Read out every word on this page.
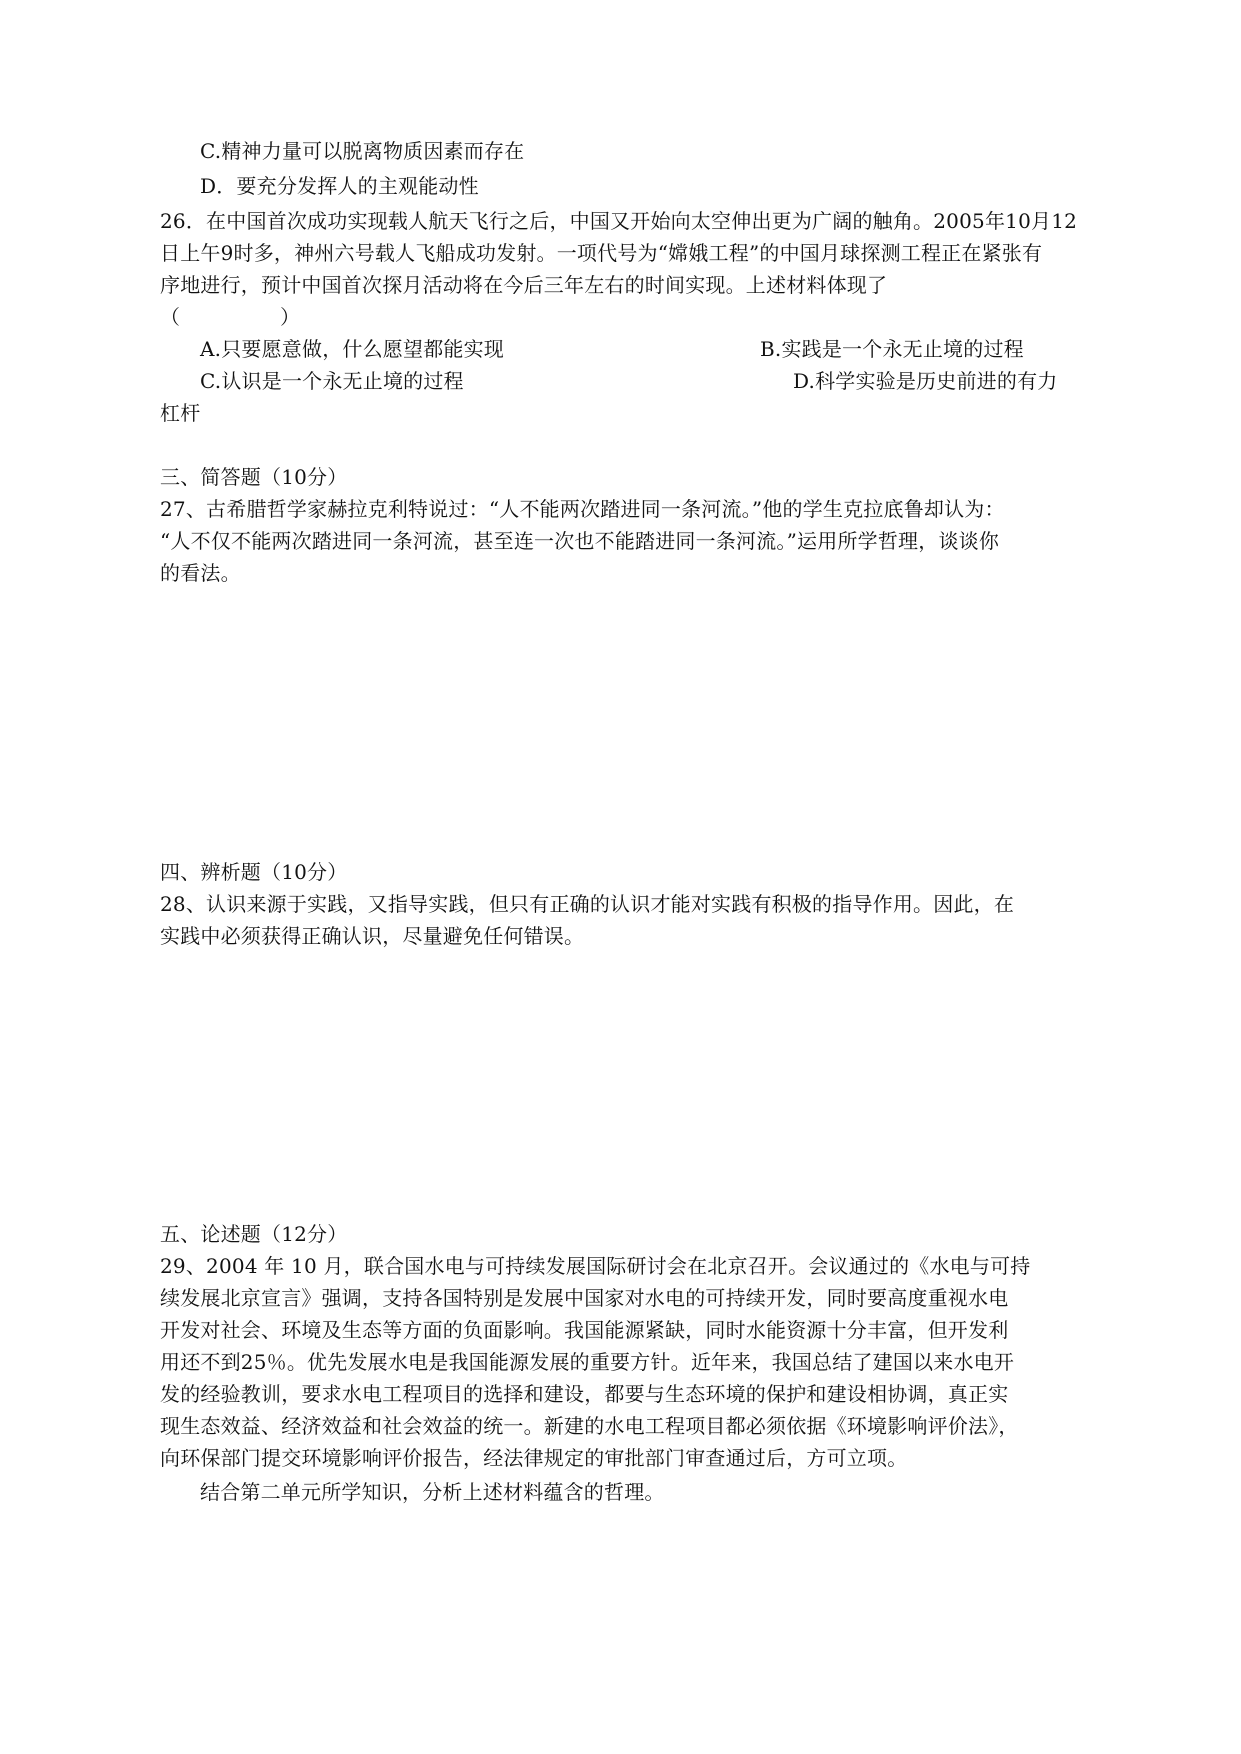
C.精神力量可以脱离物质因素而存在
D．要充分发挥人的主观能动性
26．在中国首次成功实现载人航天飞行之后，中国又开始向太空伸出更为广阔的触角。2005年10月12
日上午9时多，神州六号载人飞船成功发射。一项代号为“嫦娥工程”的中国月球探测工程正在紧张有
序地进行，预计中国首次探月活动将在今后三年左右的时间实现。上述材料体现了
（　　　　　）
A.只要愿意做，什么愿望都能实现	B.实践是一个永无止境的过程
C.认识是一个永无止境的过程	D.科学实验是历史前进的有力
杠杆
三、简答题（10分）
27、古希腊哲学家赫拉克利特说过：“人不能两次踏进同一条河流。”他的学生克拉底鲁却认为：
“人不仅不能两次踏进同一条河流，甚至连一次也不能踏进同一条河流。”运用所学哲理，谈谈你
的看法。
四、辨析题（10分）
28、认识来源于实践，又指导实践，但只有正确的认识才能对实践有积极的指导作用。因此，在
实践中必须获得正确认识，尽量避免任何错误。
五、论述题（12分）
29、2004 年 10 月，联合国水电与可持续发展国际研讨会在北京召开。会议通过的《水电与可持
续发展北京宣言》强调，支持各国特别是发展中国家对水电的可持续开发，同时要高度重视水电
开发对社会、环境及生态等方面的负面影响。我国能源紧缺，同时水能资源十分丰富，但开发利
用还不到25％。优先发展水电是我国能源发展的重要方针。近年来，我国总结了建国以来水电开
发的经验教训，要求水电工程项目的选择和建设，都要与生态环境的保护和建设相协调，真正实
现生态效益、经济效益和社会效益的统一。新建的水电工程项目都必须依据《环境影响评价法》，
向环保部门提交环境影响评价报告，经法律规定的审批部门审查通过后，方可立项。
结合第二单元所学知识，分析上述材料蕴含的哲理。
